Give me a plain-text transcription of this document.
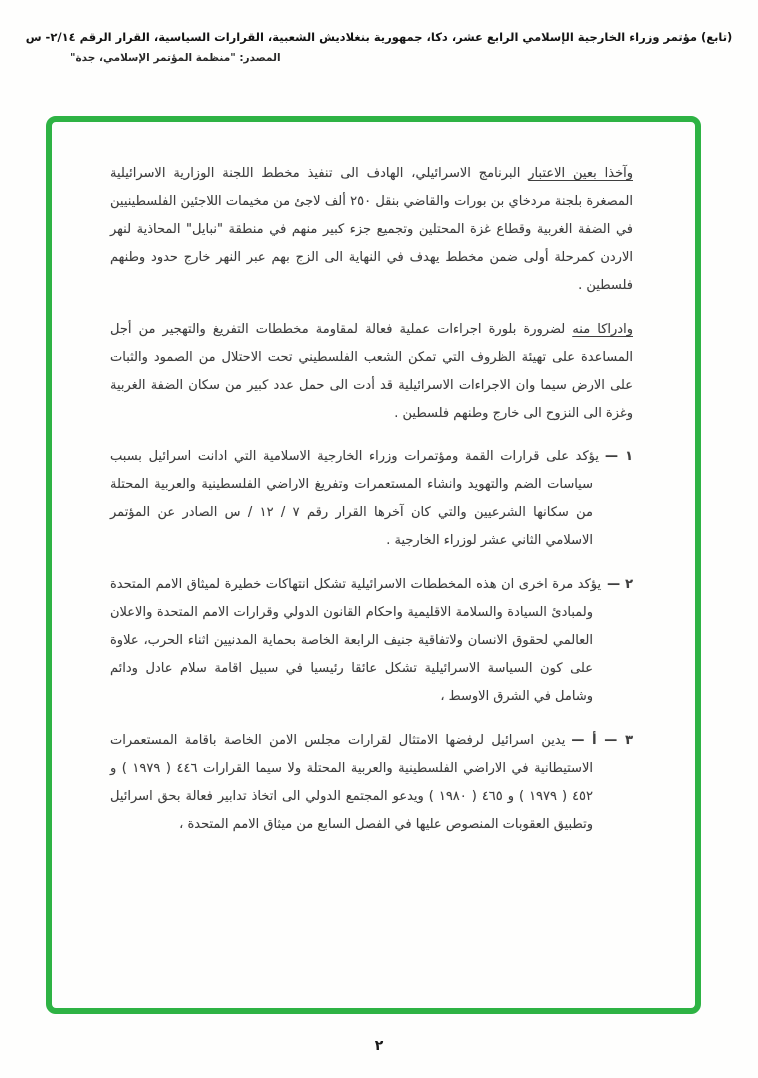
(تابع) مؤتمر وزراء الخارجية الإسلامي الرابع عشر، دكا، جمهورية بنغلاديش الشعبية، القرارات السياسية، القرار الرقم ٢/١٤- س
المصدر: "منظمة المؤتمر الإسلامي، جدة"

وآخذا بعين الاعتبار البرنامج الاسرائيلي، الهادف الى تنفيذ مخطط اللجنة الوزارية الاسرائيلية المصغرة بلجنة مردخاي بن بورات والقاضي بنقل ٢٥٠ ألف لاجئ من مخيمات اللاجئين الفلسطينيين في الضفة الغربية وقطاع غزة المحتلين وتجميع جزء كبير منهم في منطقة "نبايل" المحاذية لنهر الاردن كمرحلة أولى ضمن مخطط يهدف في النهاية الى الزج بهم عبر النهر خارج حدود وطنهم فلسطين .

وادراكا منه لضرورة بلورة اجراءات عملية فعالة لمقاومة مخططات التفريغ والتهجير من أجل المساعدة على تهيئة الظروف التي تمكن الشعب الفلسطيني تحت الاحتلال من الصمود والثبات على الارض سيما وان الاجراءات الاسرائيلية قد أدت الى حمل عدد كبير من سكان الضفة الغربية وغزة الى النزوح الى خارج وطنهم فلسطين .

١ —يؤكد على قرارات القمة ومؤتمرات وزراء الخارجية الاسلامية التي ادانت اسرائيل بسبب سياسات الضم والتهويد وانشاء المستعمرات وتفريغ الاراضي الفلسطينية والعربية المحتلة من سكانها الشرعيين والتي كان آخرها القرار رقم ٧ / ١٢ / س الصادر عن المؤتمر الاسلامي الثاني عشر لوزراء الخارجية .

٢ —يؤكد مرة اخرى ان هذه المخططات الاسرائيلية تشكل انتهاكات خطيرة لميثاق الامم المتحدة ولمبادئ السيادة والسلامة الاقليمية واحكام القانون الدولي وقرارات الامم المتحدة والاعلان العالمي لحقوق الانسان ولاتفاقية جنيف الرابعة الخاصة بحماية المدنيين اثناء الحرب، علاوة على كون السياسة الاسرائيلية تشكل عائقا رئيسيا في سبيل اقامة سلام عادل ودائم وشامل في الشرق الاوسط ،

٣ — أ —يدين اسرائيل لرفضها الامتثال لقرارات مجلس الامن الخاصة باقامة المستعمرات الاستيطانية في الاراضي الفلسطينية والعربية المحتلة ولا سيما القرارات ٤٤٦ ( ١٩٧٩ ) و ٤٥٢ ( ١٩٧٩ ) و ٤٦٥ ( ١٩٨٠ ) ويدعو المجتمع الدولي الى اتخاذ تدابير فعالة بحق اسرائيل وتطبيق العقوبات المنصوص عليها في الفصل السابع من ميثاق الامم المتحدة ،

٢
